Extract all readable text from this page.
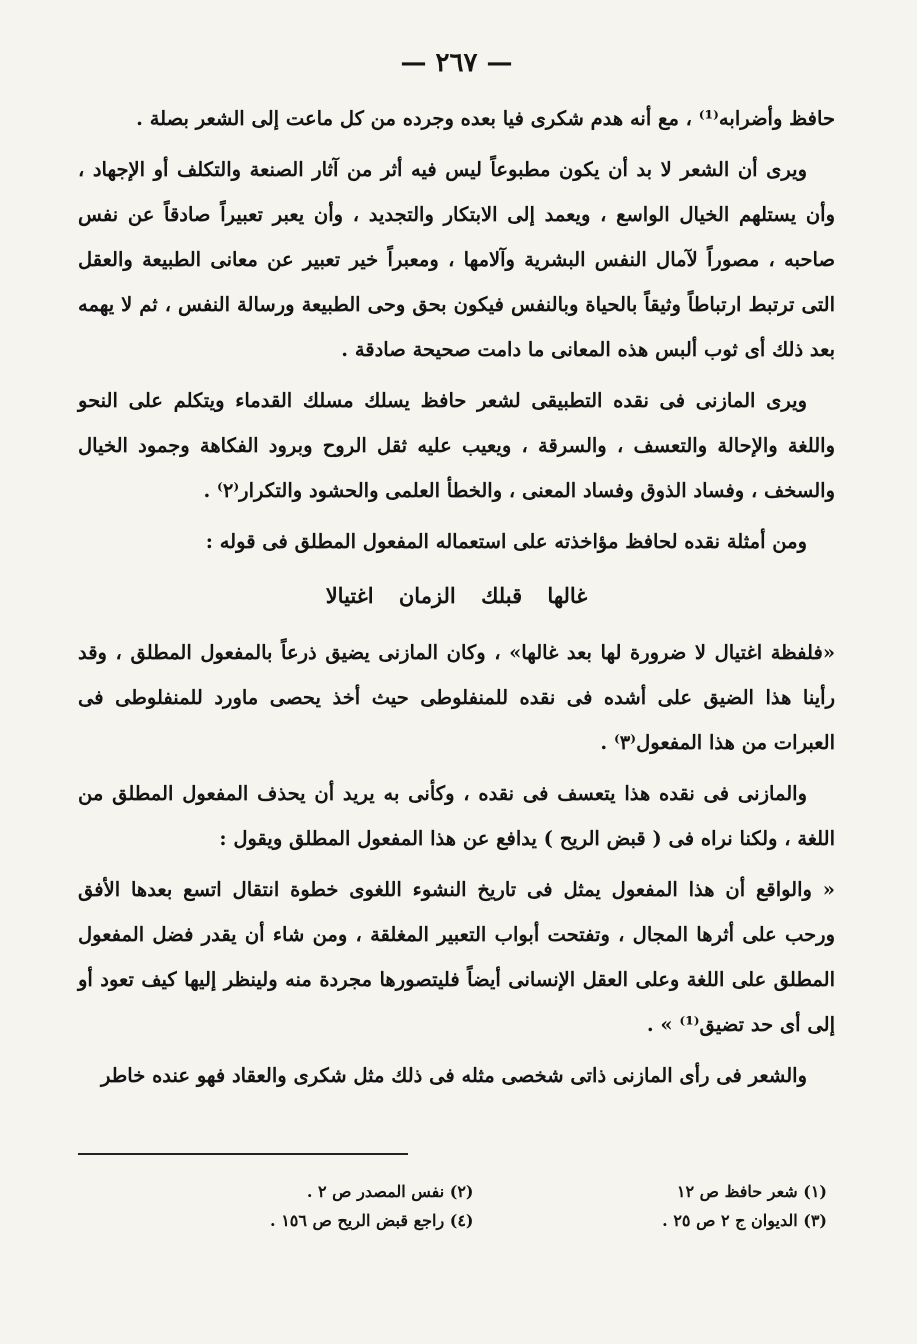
— ٢٦٧ —

حافظ وأضرابه⁽¹⁾ ، مع أنه هدم شكرى فيا بعده وجرده من كل ماعت إلى الشعر بصلة .

ويرى أن الشعر لا بد أن يكون مطبوعاً ليس فيه أثر من آثار الصنعة والتكلف أو الإجهاد ، وأن يستلهم الخيال الواسع ، ويعمد إلى الابتكار والتجديد ، وأن يعبر تعبيراً صادقاً عن نفس صاحبه ، مصوراً لآمال النفس البشرية وآلامها ، ومعبراً خير تعبير عن معانى الطبيعة والعقل التى ترتبط ارتباطاً وثيقاً بالحياة وبالنفس فيكون بحق وحى الطبيعة ورسالة النفس ، ثم لا يهمه بعد ذلك أى ثوب ألبس هذه المعانى ما دامت صحيحة صادقة .

ويرى المازنى فى نقده التطبيقى لشعر حافظ يسلك مسلك القدماء ويتكلم على النحو واللغة والإحالة والتعسف ، والسرقة ، ويعيب عليه ثقل الروح وبرود الفكاهة وجمود الخيال والسخف ، وفساد الذوق وفساد المعنى ، والخطأ العلمى والحشود والتكرار⁽٢⁾ .

ومن أمثلة نقده لحافظ مؤاخذته على استعماله المفعول المطلق فى قوله :

غالها قبلك الزمان اغتيالا

«فلفظة اغتيال لا ضرورة لها بعد غالها» ، وكان المازنى يضيق ذرعاً بالمفعول المطلق ، وقد رأينا هذا الضيق على أشده فى نقده للمنفلوطى حيث أخذ يحصى ماورد للمنفلوطى فى العبرات من هذا المفعول⁽٣⁾ .

والمازنى فى نقده هذا يتعسف فى نقده ، وكأنى به يريد أن يحذف المفعول المطلق من اللغة ، ولكنا نراه فى ( قبض الريح ) يدافع عن هذا المفعول المطلق ويقول :

« والواقع أن هذا المفعول يمثل فى تاريخ النشوء اللغوى خطوة انتقال اتسع بعدها الأفق ورحب على أثرها المجال ، وتفتحت أبواب التعبير المغلقة ، ومن شاء أن يقدر فضل المفعول المطلق على اللغة وعلى العقل الإنسانى أيضاً فليتصورها مجردة منه ولينظر إليها كيف تعود أو إلى أى حد تضيق⁽¹⁾ » .

والشعر فى رأى المازنى ذاتى شخصى مثله فى ذلك مثل شكرى والعقاد فهو عنده خاطر

(١) شعر حافظ ص ١٢
(٢) نفس المصدر ص ٢ .
(٣) الديوان ج ٢ ص ٢٥ .
(٤) راجع قبض الريح ص ١٥٦ .
